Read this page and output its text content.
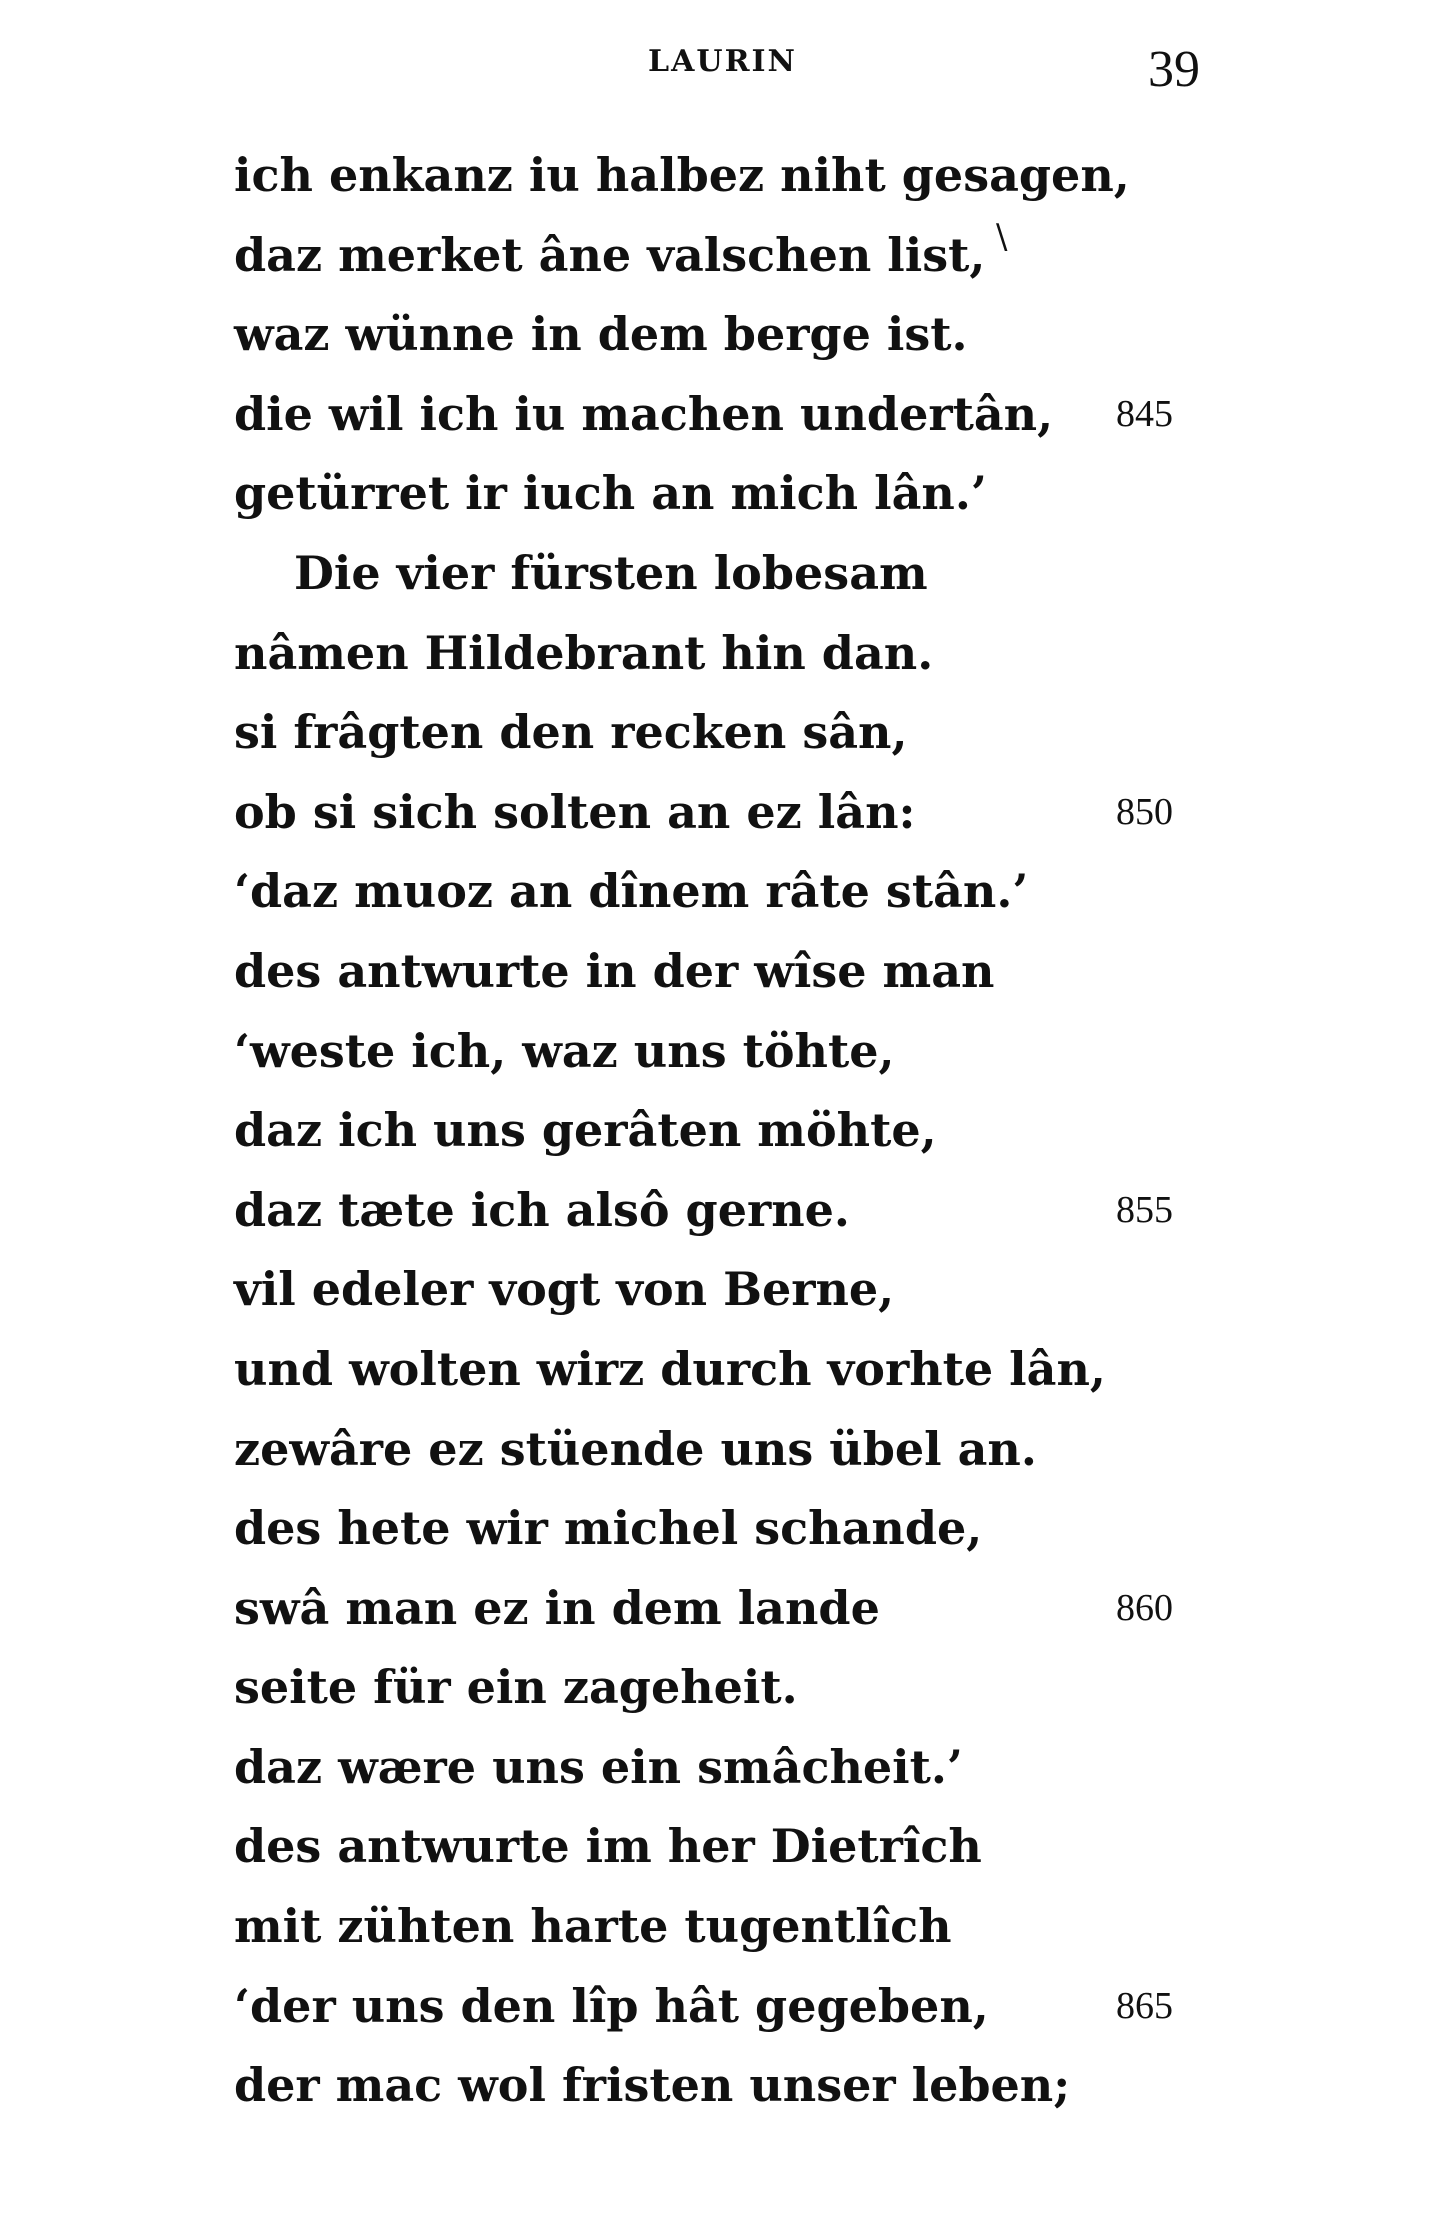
LAURIN	39
ich enkanz iu halbez niht gesagen,
daz merket âne valschen list, \
waz wünne in dem berge ist.
die wil ich iu machen undertân, 845
getürret ir iuch an mich lân.’
Die vier fürsten lobesam
nâmen Hildebrant hin dan.
si frâgten den recken sân,
ob si sich solten an ez lân:	850
‘daz muoz an dînem râte stân.’
des antwurte in der wîse man
‘weste ich, waz uns töhte,
daz ich uns gerâten möhte,
daz tæte ich alsô gerne.	855
vil edeler vogt von Berne,
und wolten wirz durch vorhte lân,
zewâre ez stüende uns übel an.
des hete wir michel schande,
swâ man ez in dem lande	860
seite für ein zageheit.
daz wære uns ein smâcheit.’
des antwurte im her Dietrîch
mit zühten harte tugentlîch
‘der uns den lîp hât gegeben,	865
der mac wol fristen unser leben;
